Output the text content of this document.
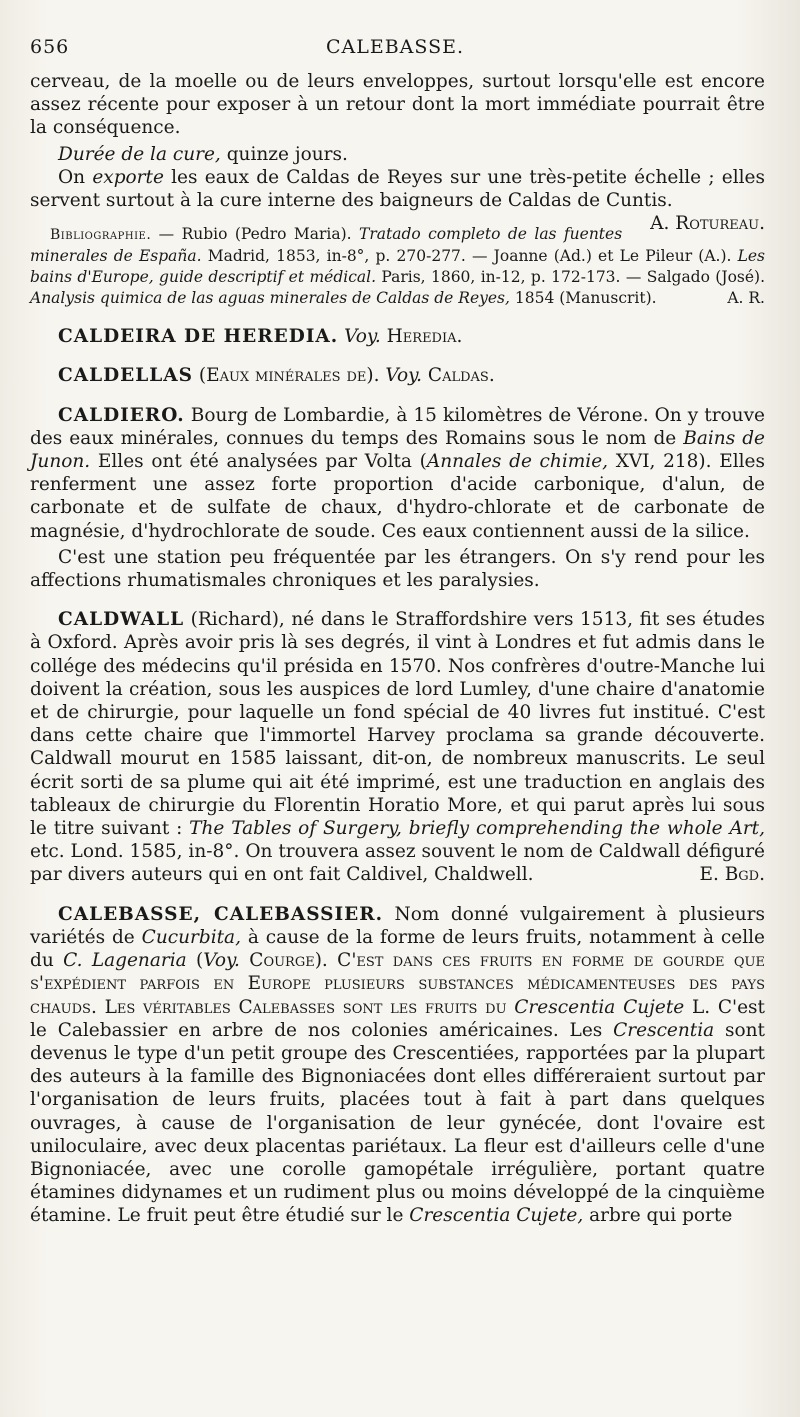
656	CALEBASSE.

cerveau, de la moelle ou de leurs enveloppes, surtout lorsqu'elle est encore assez récente pour exposer à un retour dont la mort immédiate pourrait être la conséquence.

Durée de la cure, quinze jours.

On exporte les eaux de Caldas de Reyes sur une très-petite échelle ; elles servent surtout à la cure interne des baigneurs de Caldas de Cuntis.
A. Rotureau.

Bibliographie. — Rubio (Pedro Maria). Tratado completo de las fuentes minerales de España. Madrid, 1853, in-8°, p. 270-277. — Joanne (Ad.) et Le Pileur (A.). Les bains d'Europe, guide descriptif et médical. Paris, 1860, in-12, p. 172-173. — Salgado (José). Analysis quimica de las aguas minerales de Caldas de Reyes, 1854 (Manuscrit).	A. R.

CALDEIRA DE HEREDIA. Voy. Heredia.

CALDELLAS (Eaux minérales de). Voy. Caldas.

CALDIERO. Bourg de Lombardie, à 15 kilomètres de Vérone. On y trouve des eaux minérales, connues du temps des Romains sous le nom de Bains de Junon. Elles ont été analysées par Volta (Annales de chimie, XVI, 218). Elles renferment une assez forte proportion d'acide carbonique, d'alun, de carbonate et de sulfate de chaux, d'hydro-chlorate et de carbonate de magnésie, d'hydrochlorate de soude. Ces eaux contiennent aussi de la silice.

C'est une station peu fréquentée par les étrangers. On s'y rend pour les affections rhumatismales chroniques et les paralysies.

CALDWALL (Richard), né dans le Straffordshire vers 1513, fit ses études à Oxford. Après avoir pris là ses degrés, il vint à Londres et fut admis dans le collége des médecins qu'il présida en 1570. Nos confrères d'outre-Manche lui doivent la création, sous les auspices de lord Lumley, d'une chaire d'anatomie et de chirurgie, pour laquelle un fond spécial de 40 livres fut institué. C'est dans cette chaire que l'immortel Harvey proclama sa grande découverte. Caldwall mourut en 1585 laissant, dit-on, de nombreux manuscrits. Le seul écrit sorti de sa plume qui ait été imprimé, est une traduction en anglais des tableaux de chirurgie du Florentin Horatio More, et qui parut après lui sous le titre suivant : The Tables of Surgery, briefly comprehending the whole Art, etc. Lond. 1585, in-8°. On trouvera assez souvent le nom de Caldwall défiguré par divers auteurs qui en ont fait Caldivel, Chaldwell.	E. Bgd.

CALEBASSE, CALEBASSIER. Nom donné vulgairement à plusieurs variétés de Cucurbita, à cause de la forme de leurs fruits, notamment à celle du C. Lagenaria (Voy. Courge). C'est dans ces fruits en forme de gourde que s'expédient parfois en Europe plusieurs substances médicamenteuses des pays chauds. Les véritables Calebasses sont les fruits du Crescentia Cujete L. C'est le Calebassier en arbre de nos colonies américaines. Les Crescentia sont devenus le type d'un petit groupe des Crescentiées, rapportées par la plupart des auteurs à la famille des Bignoniacées dont elles différeraient surtout par l'organisation de leurs fruits, placées tout à fait à part dans quelques ouvrages, à cause de l'organisation de leur gynécée, dont l'ovaire est uniloculaire, avec deux placentas pariétaux. La fleur est d'ailleurs celle d'une Bignoniacée, avec une corolle gamopétale irrégulière, portant quatre étamines didynames et un rudiment plus ou moins développé de la cinquième étamine. Le fruit peut être étudié sur le Crescentia Cujete, arbre qui porte
